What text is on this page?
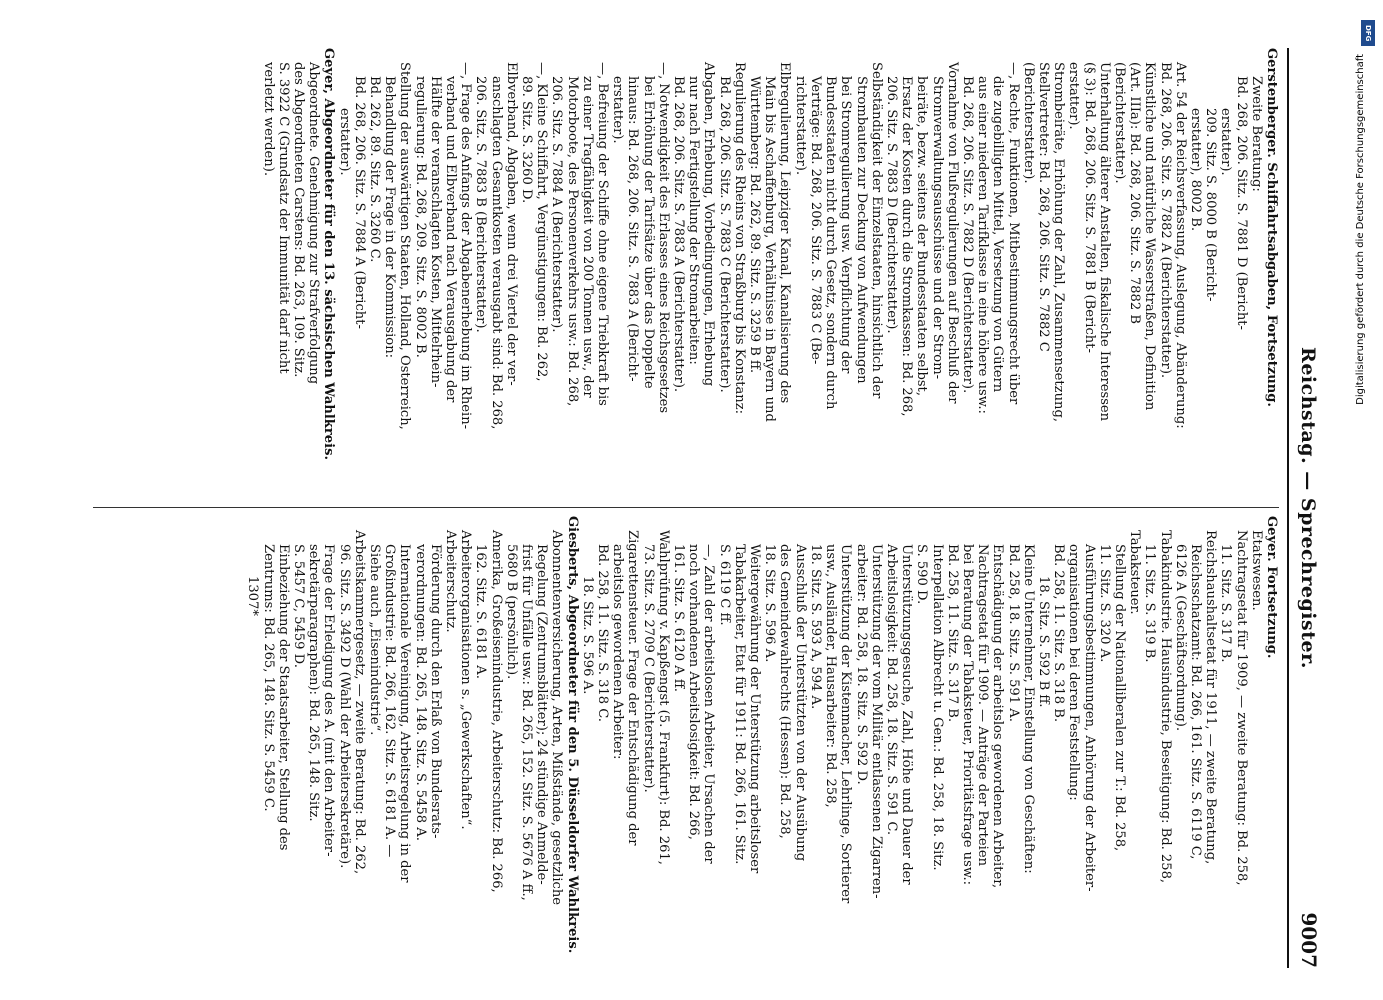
Reichstag. — Sprechregister.
9007
Gerstenberger. Schiffahrtsabgaben, Fortsetzung.
Zweite Beratung:
Bd. 268, 206. Sitz. S. 7881 D (Bericht-
erstatter).
209. Sitz. S. 8000 B (Bericht-
erstatter), 8002 B.
Art. 54 der Reichsverfassung, Auslegung, Abänderung:
Bd. 268, 206. Sitz. S. 7882 A (Berichterstatter).
Künstliche und natürliche Wasserstraßen, Definition
(Art. IIIa): Bd. 268, 206. Sitz. S. 7882 B
(Berichterstatter).
Unterhaltung älterer Anstalten, fiskalische Interessen
(§ 3): Bd. 268, 206. Sitz. S. 7881 B (Bericht-
erstatter).
Strombeiräte, Erhöhung der Zahl, Zusammensetzung,
Stellvertreter: Bd. 268, 206. Sitz. S. 7882 C
(Berichterstatter).
—, Rechte, Funktionen, Mitbestimmungsrecht über
die zugebilligten Mittel, Versetzung von Gütern
aus einer niederen Tarifklasse in eine höhere usw.:
Bd. 268, 206. Sitz. S. 7882 D (Berichterstatter).
Vornahme von Flußregulierungen auf Beschluß der
Stromverwaltungsausschüsse und der Strom-
beiräte, bezw. seitens der Bundesstaaten selbst,
Ersatz der Kosten durch die Stromkassen: Bd. 268,
206. Sitz. S. 7883 D (Berichterstatter).
Selbständigkeit der Einzelstaaten, hinsichtlich der
Strombauten zur Deckung von Aufwendungen
bei Stromregulierung usw. Verpflichtung der
Bundesstaaten nicht durch Gesetz, sondern durch
Verträge: Bd. 268, 206. Sitz. S. 7883 C (Be-
richterstatter).
Elbregulierung, Leipziger Kanal, Kanalisierung des
Main bis Aschaffenburg, Verhältnisse in Bayern und
Württemberg: Bd. 262, 89. Sitz. S. 3259 B ff.
Regulierung des Rheins von Straßburg bis Konstanz:
Bd. 268, 206. Sitz. S. 7883 C (Berichterstatter).
Abgaben, Erhebung, Vorbedingungen, Erhebung
nur nach Fertigstellung der Stromarbeiten:
Bd. 268, 206. Sitz. S. 7883 A (Berichterstatter).
—, Notwendigkeit des Erlasses eines Reichsgesetzes
bei Erhöhung der Tarifsätze über das Doppelte
hinaus: Bd. 268, 206. Sitz. S. 7883 A (Bericht-
erstatter).
—, Befreiung der Schiffe ohne eigene Triebkraft bis
zu einer Tragfähigkeit von 200 Tonnen usw., der
Motorboote, des Personenverkehrs usw.: Bd. 268,
206. Sitz. S. 7884 A (Berichterstatter).
—, Kleine Schiffahrt, Vergünstigungen: Bd. 262,
89. Sitz. S. 3260 D.
Elbverband, Abgaben, wenn drei Viertel der ver-
anschlagten Gesamtkosten verausgabt sind: Bd. 268,
206. Sitz. S. 7883 B (Berichterstatter).
—, Frage des Anfangs der Abgabenerhebung im Rhein-
verband und Elbverband nach Verausgabung der
Hälfte der veranschlagten Kosten, Mittelrhein-
regulierung: Bd. 268, 209. Sitz. S. 8002 B.
Stellung der auswärtigen Staaten, Holland, Österreich,
Behandlung der Frage in der Kommission:
Bd. 262, 89. Sitz. S. 3260 C.
Bd. 268, 206. Sitz. S. 7884 A (Bericht-
erstatter).
Geyer, Abgeordneter für den 13. sächsischen Wahlkreis.
Abgeordnete. Genehmigung zur Strafverfolgung
des Abgeordneten Carstens: Bd. 263, 109. Sitz.
S. 3922 C (Grundsatz der Immunität darf nicht
verletzt werden).
Geyer. Fortsetzung.
Etatswesen.
Nachtragsetat für 1909, — zweite Beratung: Bd. 258,
11. Sitz. S. 317 B.
Reichshaushaltsetat für 1911, — zweite Beratung,
Reichsschatzamt: Bd. 266, 161. Sitz. S. 6119 C,
6126 A (Geschäftsordnung).
Tabakindustrie. Hausindustrie, Beseitigung: Bd. 258,
11. Sitz. S. 319 B.
Tabaksteuer.
Stellung der Nationalliberalen zur T.: Bd. 258,
11. Sitz. S. 320 A.
Ausführungsbestimmungen, Anhörung der Arbeiter-
organisationen bei deren Feststellung:
Bd. 258, 11. Sitz. S. 318 B.
18. Sitz. S. 592 B ff.
Kleine Unternehmer, Einstellung von Geschäften:
Bd. 258, 18. Sitz. S. 591 A.
Entschädigung der arbeitslos gewordenen Arbeiter,
Nachtragsetat für 1909. — Anträge der Parteien
bei Beratung der Tabaksteuer, Prioritätsfrage usw.:
Bd. 258, 11. Sitz. S. 317 B.
Interpellation Albrecht u. Gen.: Bd. 258, 18. Sitz.
S. 590 D.
Unterstützungsgesuche, Zahl, Höhe und Dauer der
Arbeitslosigkeit: Bd. 258, 18. Sitz. S. 591 C.
Unterstützung der vom Militär entlassenen Zigarren-
arbeiter: Bd. 258, 18. Sitz. S. 592 D.
Unterstützung der Kistenmacher, Lehrlinge, Sortierer
usw., Ausländer, Hausarbeiter: Bd. 258,
18. Sitz. S. 593 A, 594 A.
Ausschluß der Unterstützten von der Ausübung
des Gemeindewahlrechts (Hessen): Bd. 258,
18. Sitz. S. 596 A.
Weitergewährung der Unterstützung arbeitsloser
Tabakarbeiter, Etat für 1911: Bd. 266, 161. Sitz.
S. 6119 C ff.
—, Zahl der arbeitslosen Arbeiter, Ursachen der
noch vorhandenen Arbeitslosigkeit: Bd. 266,
161. Sitz. S. 6120 A ff.
Wahlprüfung v. Kapßengst (5. Frankfurt): Bd. 261,
73. Sitz. S. 2709 C (Berichterstatter).
Zigarettensteuer. Frage der Entschädigung der
arbeitslos gewordenen Arbeiter:
Bd. 258, 11. Sitz. S. 318 C.
18. Sitz. S. 596 A.
Giesberts, Abgeordneter für den 5. Düsseldorfer Wahlkreis.
Abonnentenversicherung, Arten, Mißstände, gesetzliche
Regelung (Zentrumsblätter); 24 stündige Anmelde-
frist für Unfälle usw.: Bd. 265, 152. Sitz. S. 5676 A ff.,
5680 B (persönlich).
Amerika, Großeisenindustrie, Arbeiterschutz: Bd. 266,
162. Sitz. S. 6181 A.
Arbeiterorganisationen s. „Gewerkschaften“.
Arbeiterschutz.
Förderung durch den Erlaß von Bundesrats-
verordnungen: Bd. 265, 148. Sitz. S. 5458 A.
Internationale Vereinigung, Arbeitsregelung in der
Großindustrie: Bd. 266, 162. Sitz. S. 6181 A. —
Siehe auch „Eisenindustrie“.
Arbeitskammergesetz, — zweite Beratung: Bd. 262,
96. Sitz. S. 3492 D (Wahl der Arbeitersekretäre).
Frage der Erledigung des A. (mit den Arbeiter-
sekretärparagraphen): Bd. 265, 148. Sitz.
S. 5457 C, 5459 D.
Einbeziehung der Staatsarbeiter, Stellung des
Zentrums: Bd. 265, 148. Sitz. S. 5459 C.
1307*
DFG
Digitalisierung gefördert durch die Deutsche Forschungsgemeinschaft
